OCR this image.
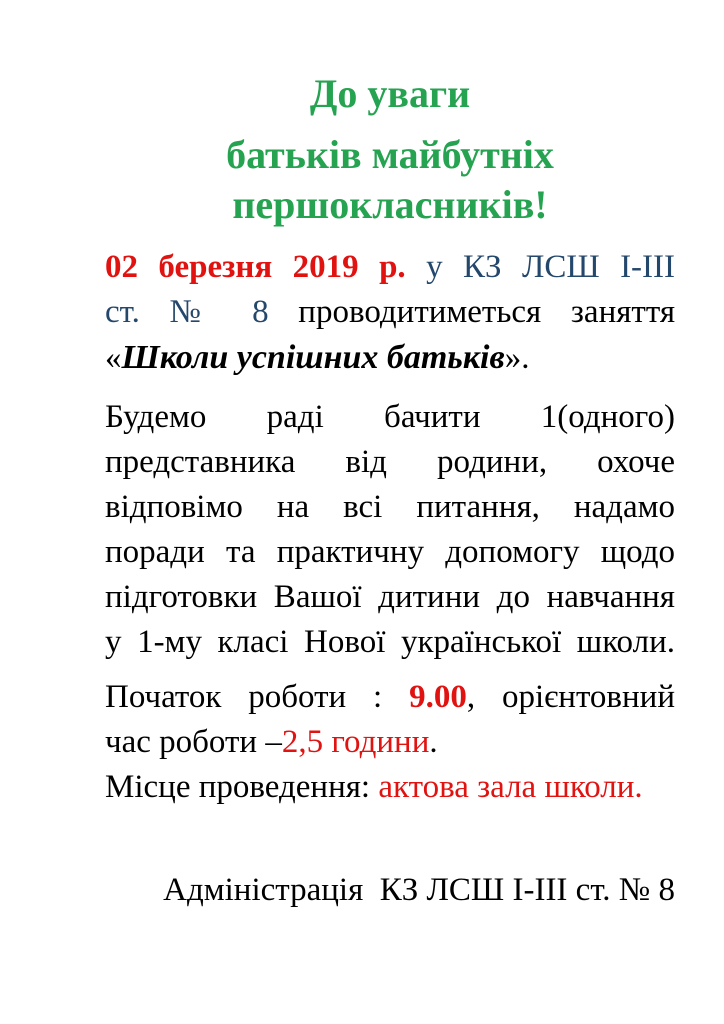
До уваги
батьків майбутніх
першокласників!
02 березня 2019 р. у КЗ ЛСШ І-ІІІ
ст. № 8 проводитиметься заняття
«Школи успішних батьків».
Будемо раді бачити 1(одного)
представника від родини, охоче
відповімо на всі питання, надамо
поради та практичну допомогу щодо
підготовки Вашої дитини до навчання
у 1-му класі Нової української школи.
Початок роботи : 9.00, орієнтовний
час роботи –2,5 години.
Місце проведення: актова зала школи.
Адміністрація  КЗ ЛСШ І-ІІІ ст. № 8
